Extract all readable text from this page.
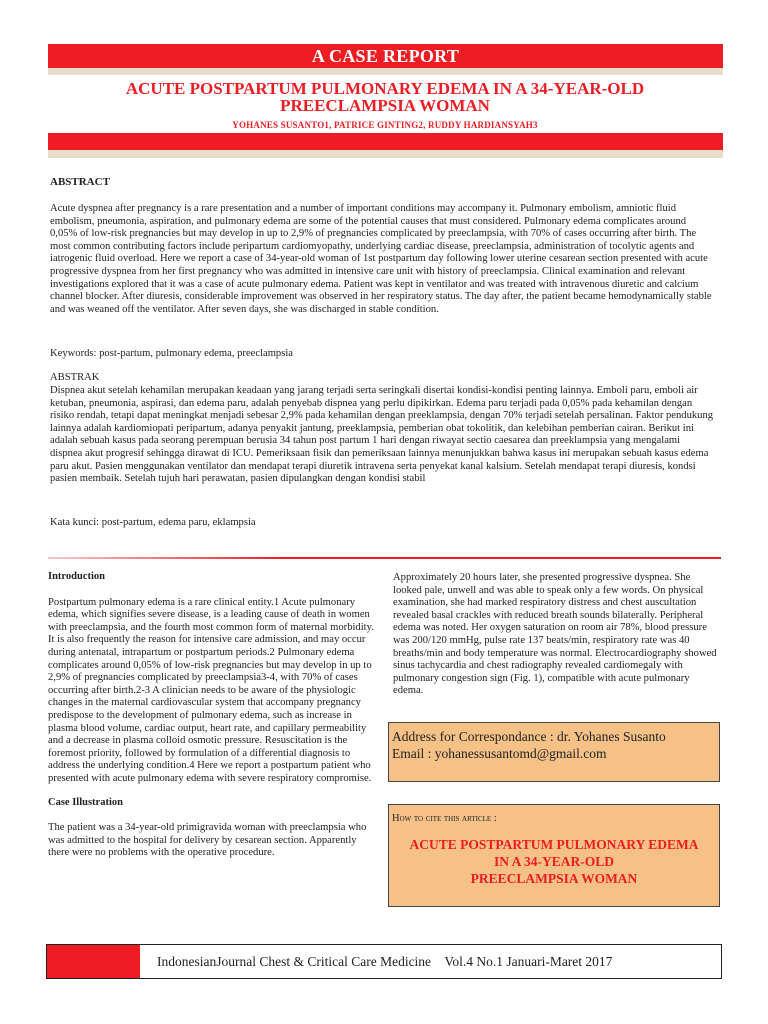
A CASE REPORT
ACUTE POSTPARTUM PULMONARY EDEMA IN A 34-YEAR-OLD
PREECLAMPSIA WOMAN
YOHANES SUSANTO1, PATRICE GINTING2, RUDDY HARDIANSYAH3
ABSTRACT

Acute dyspnea after pregnancy is a rare presentation and a number of important conditions may accompany it. Pulmonary embolism, amniotic fluid embolism, pneumonia, aspiration, and pulmonary edema are some of the potential causes that must considered. Pulmonary edema complicates around 0,05% of low-risk pregnancies but may develop in up to 2,9% of pregnancies complicated by preeclampsia, with 70% of cases occurring after birth. The most common contributing factors include peripartum cardiomyopathy, underlying cardiac disease, preeclampsia, administration of tocolytic agents and iatrogenic fluid overload. Here we report a case of 34-year-old woman of 1st postpartum day following lower uterine cesarean section presented with acute progressive dyspnea from her first pregnancy who was admitted in intensive care unit with history of preeclampsia. Clinical examination and relevant investigations explored that it was a case of acute pulmonary edema. Patient was kept in ventilator and was treated with intravenous diuretic and calcium channel blocker. After diuresis, considerable improvement was observed in her respiratory status. The day after, the patient became hemodynamically stable and was weaned off the ventilator. After seven days, she was discharged in stable condition.

Keywords: post-partum, pulmonary edema, preeclampsia
ABSTRAK

Dispnea akut setelah kehamilan merupakan keadaan yang jarang terjadi serta seringkali disertai kondisi-kondisi penting lainnya. Emboli paru, emboli air ketuban, pneumonia, aspirasi, dan edema paru, adalah penyebab dispnea yang perlu dipikirkan. Edema paru terjadi pada 0,05% pada kehamilan dengan risiko rendah, tetapi dapat meningkat menjadi sebesar 2,9% pada kehamilan dengan preeklampsia, dengan 70% terjadi setelah persalinan. Faktor pendukung lainnya adalah kardiomiopati peripartum, adanya penyakit jantung, preeklampsia, pemberian obat tokolitik, dan kelebihan pemberian cairan. Berikut ini adalah sebuah kasus pada seorang perempuan berusia 34 tahun post partum 1 hari dengan riwayat sectio caesarea dan preeklampsia yang mengalami dispnea akut progresif sehingga dirawat di ICU. Pemeriksaan fisik dan pemeriksaan lainnya menunjukkan bahwa kasus ini merupakan sebuah kasus edema paru akut. Pasien menggunakan ventilator dan mendapat terapi diuretik intravena serta penyekat kanal kalsium. Setelah mendapat terapi diuresis, kondsi pasien membaik. Setelah tujuh hari perawatan, pasien dipulangkan dengan kondisi stabil

Kata kunci: post-partum, edema paru, eklampsia
Introduction

Postpartum pulmonary edema is a rare clinical entity.1 Acute pulmonary edema, which signifies severe disease, is a leading cause of death in women with preeclampsia, and the fourth most common form of maternal morbidity. It is also frequently the reason for intensive care admission, and may occur during antenatal, intrapartum or postpartum periods.2 Pulmonary edema complicates around 0,05% of low-risk pregnancies but may develop in up to 2,9% of pregnancies complicated by preeclampsia3-4, with 70% of cases occurring after birth.2-3 A clinician needs to be aware of the physiologic changes in the maternal cardiovascular system that accompany pregnancy predispose to the development of pulmonary edema, such as increase in plasma blood volume, cardiac output, heart rate, and capillary permeability and a decrease in plasma colloid osmotic pressure. Resuscitation is the foremost priority, followed by formulation of a differential diagnosis to address the underlying condition.4 Here we report a postpartum patient who presented with acute pulmonary edema with severe respiratory compromise.

Case Illustration

The patient was a 34-year-old primigravida woman with preeclampsia who was admitted to the hospital for delivery by cesarean section. Apparently there were no problems with the operative procedure.

Approximately 20 hours later, she presented progressive dyspnea. She looked pale, unwell and was able to speak only a few words. On physical examination, she had marked respiratory distress and chest auscultation revealed basal crackles with reduced breath sounds bilaterally. Peripheral edema was noted. Her oxygen saturation on room air 78%, blood pressure was 200/120 mmHg, pulse rate 137 beats/min, respiratory rate was 40 breaths/min and body temperature was normal. Electrocardiography showed sinus tachycardia and chest radiography revealed cardiomegaly with pulmonary congestion sign (Fig. 1), compatible with acute pulmonary edema.

Address for Correspondance : dr. Yohanes Susanto
Email : yohanessusantomd@gmail.com
How to cite this article :
ACUTE POSTPARTUM PULMONARY EDEMA
IN A 34-YEAR-OLD
PREECLAMPSIA WOMAN
IndonesianJournal Chest & Critical Care Medicine Vol.4 No.1 Januari-Maret 2017
